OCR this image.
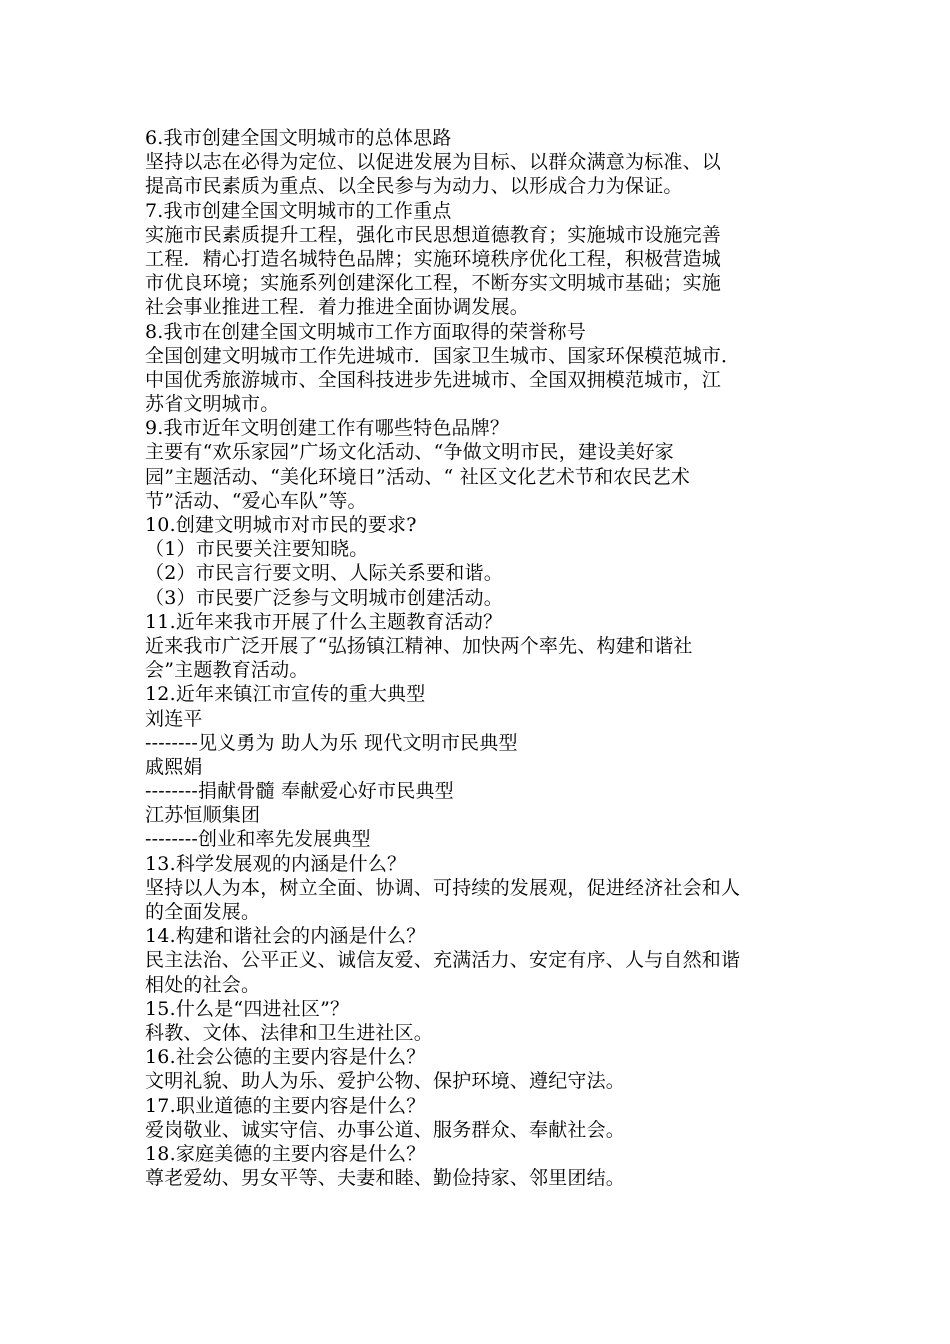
6.我市创建全国文明城市的总体思路
坚持以志在必得为定位、以促进发展为目标、以群众满意为标准、以
提高市民素质为重点、以全民参与为动力、以形成合力为保证。
7.我市创建全国文明城市的工作重点
实施市民素质提升工程，强化市民思想道德教育；实施城市设施完善
工程．精心打造名城特色品牌；实施环境秩序优化工程，积极营造城
市优良环境；实施系列创建深化工程，不断夯实文明城市基础；实施
社会事业推进工程．着力推进全面协调发展。
8.我市在创建全国文明城市工作方面取得的荣誉称号
全国创建文明城市工作先进城市．国家卫生城市、国家环保模范城市．
中国优秀旅游城市、全国科技进步先进城市、全国双拥模范城市，江
苏省文明城市。
9.我市近年文明创建工作有哪些特色品牌？
主要有“欢乐家园”广场文化活动、“争做文明市民，建设美好家
园”主题活动、“美化环境日”活动、“ 社区文化艺术节和农民艺术
节”活动、“爱心车队”等。
10.创建文明城市对市民的要求?
（1）市民要关注要知晓。
（2）市民言行要文明、人际关系要和谐。
（3）市民要广泛参与文明城市创建活动。
11.近年来我市开展了什么主题教育活动？
近来我市广泛开展了“弘扬镇江精神、加快两个率先、构建和谐社
会”主题教育活动。
12.近年来镇江市宣传的重大典型
刘连平
--------见义勇为 助人为乐 现代文明市民典型
戚熙娟
--------捐献骨髓 奉献爱心好市民典型
江苏恒顺集团
--------创业和率先发展典型
13.科学发展观的内涵是什么？
坚持以人为本，树立全面、协调、可持续的发展观，促进经济社会和人
的全面发展。
14.构建和谐社会的内涵是什么？
民主法治、公平正义、诚信友爱、充满活力、安定有序、人与自然和谐
相处的社会。
15.什么是“四进社区”？
科教、文体、法律和卫生进社区。
16.社会公德的主要内容是什么？
文明礼貌、助人为乐、爱护公物、保护环境、遵纪守法。
17.职业道德的主要内容是什么？
爱岗敬业、诚实守信、办事公道、服务群众、奉献社会。
18.家庭美德的主要内容是什么？
尊老爱幼、男女平等、夫妻和睦、勤俭持家、邻里团结。
